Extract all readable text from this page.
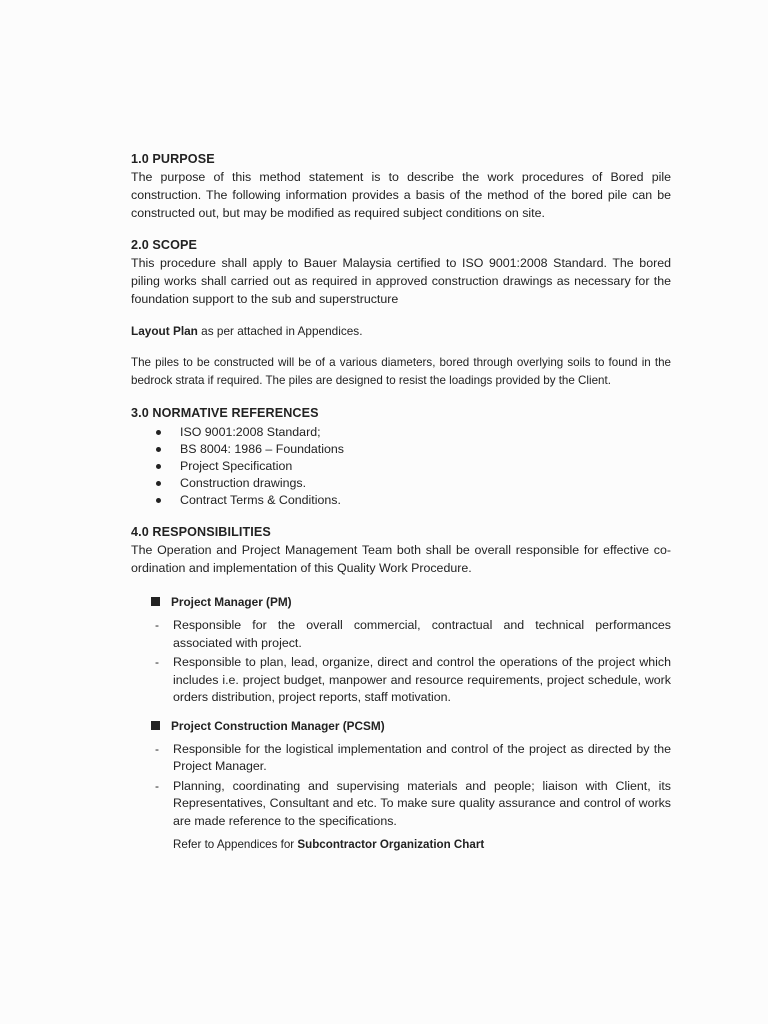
1.0 PURPOSE

The purpose of this method statement is to describe the work procedures of Bored pile construction. The following information provides a basis of the method of the bored pile can be constructed out, but may be modified as required subject conditions on site.

2.0 SCOPE

This procedure shall apply to Bauer Malaysia certified to ISO 9001:2008 Standard. The bored piling works shall carried out as required in approved construction drawings as necessary for the foundation support to the sub and superstructure

Layout Plan as per attached in Appendices.

The piles to be constructed will be of a various diameters, bored through overlying soils to found in the bedrock strata if required. The piles are designed to resist the loadings provided by the Client.

3.0 NORMATIVE REFERENCES
ISO 9001:2008 Standard;
BS 8004: 1986 – Foundations
Project Specification
Construction drawings.
Contract Terms & Conditions.
4.0 RESPONSIBILITIES

The Operation and Project Management Team both shall be overall responsible for effective co-ordination and implementation of this Quality Work Procedure.

Project Manager (PM)
- Responsible for the overall commercial, contractual and technical performances associated with project.
- Responsible to plan, lead, organize, direct and control the operations of the project which includes i.e. project budget, manpower and resource requirements, project schedule, work orders distribution, project reports, staff motivation.
Project Construction Manager (PCSM)
- Responsible for the logistical implementation and control of the project as directed by the Project Manager.
- Planning, coordinating and supervising materials and people; liaison with Client, its Representatives, Consultant and etc. To make sure quality assurance and control of works are made reference to the specifications.

Refer to Appendices for Subcontractor Organization Chart
